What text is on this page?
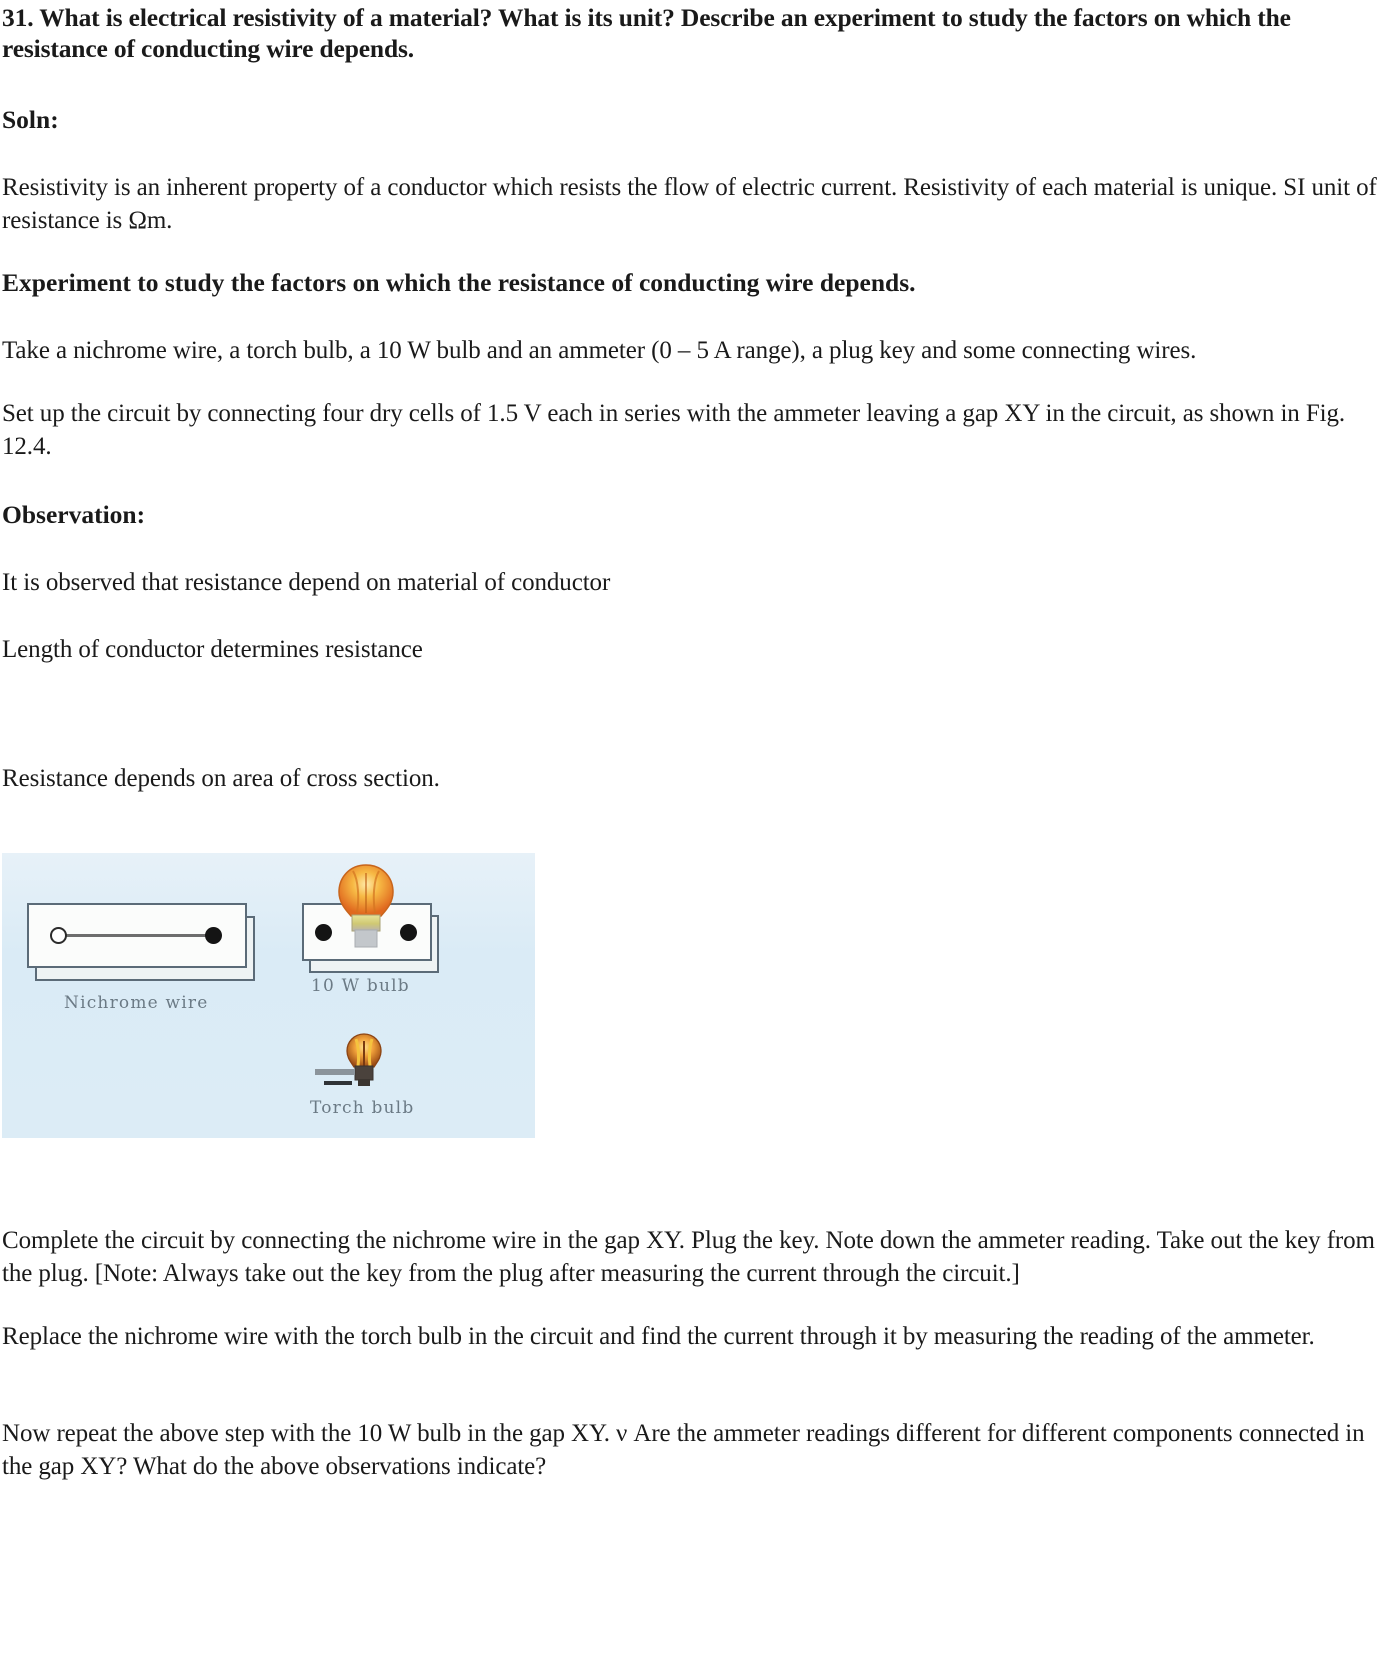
31. What is electrical resistivity of a material? What is its unit? Describe an experiment to study the factors on which the resistance of conducting wire depends.

Soln:

Resistivity is an inherent property of a conductor which resists the flow of electric current. Resistivity of each material is unique. SI unit of resistance is Ωm.

Experiment to study the factors on which the resistance of conducting wire depends.

Take a nichrome wire, a torch bulb, a 10 W bulb and an ammeter (0 – 5 A range), a plug key and some connecting wires.

Set up the circuit by connecting four dry cells of 1.5 V each in series with the ammeter leaving a gap XY in the circuit, as shown in Fig. 12.4.

Observation:

It is observed that resistance depend on material of conductor

Length of conductor determines resistance

Resistance depends on area of cross section.

Nichrome wire
10 W bulb
Torch bulb

Complete the circuit by connecting the nichrome wire in the gap XY. Plug the key. Note down the ammeter reading. Take out the key from the plug. [Note: Always take out the key from the plug after measuring the current through the circuit.]

Replace the nichrome wire with the torch bulb in the circuit and find the current through it by measuring the reading of the ammeter.

Now repeat the above step with the 10 W bulb in the gap XY. ν Are the ammeter readings different for different components connected in the gap XY? What do the above observations indicate?
